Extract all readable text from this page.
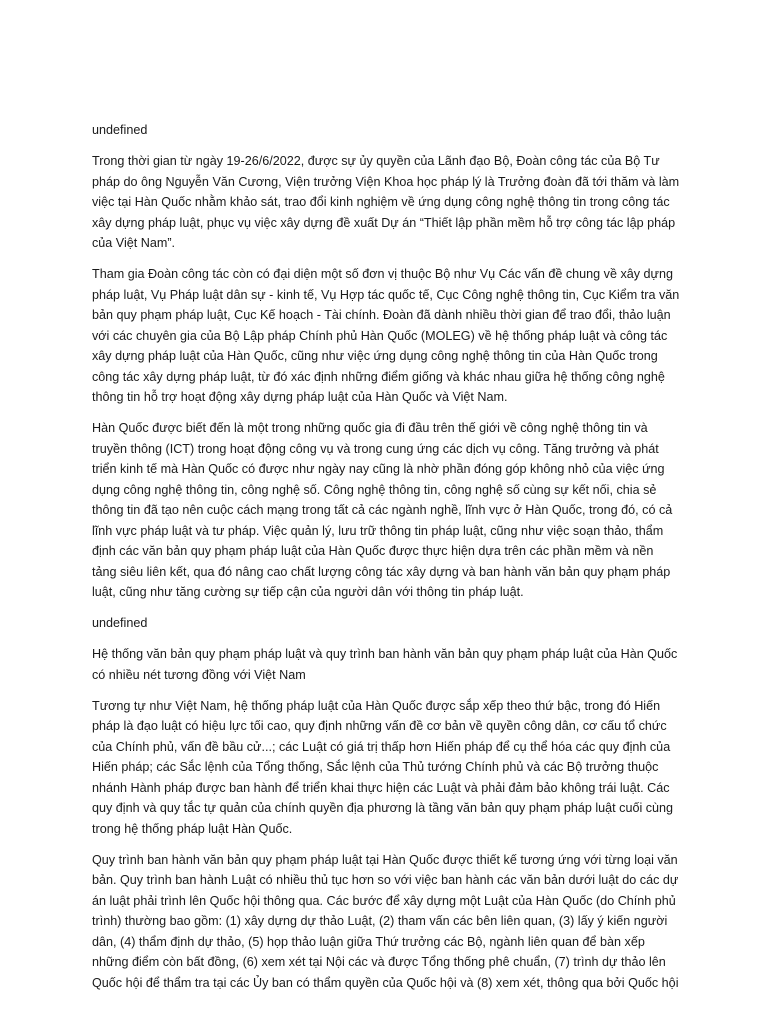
undefined

Trong thời gian từ ngày 19-26/6/2022, được sự ủy quyền của Lãnh đạo Bộ, Đoàn công tác của Bộ Tư pháp do ông Nguyễn Văn Cương, Viện trưởng Viện Khoa học pháp lý là Trưởng đoàn đã tới thăm và làm việc tại Hàn Quốc nhằm khảo sát, trao đổi kinh nghiệm về ứng dụng công nghệ thông tin trong công tác xây dựng pháp luật, phục vụ việc xây dựng đề xuất Dự án “Thiết lập phần mềm hỗ trợ công tác lập pháp của Việt Nam”.

Tham gia Đoàn công tác còn có đại diện một số đơn vị thuộc Bộ như Vụ Các vấn đề chung về xây dựng pháp luật, Vụ Pháp luật dân sự - kinh tế, Vụ Hợp tác quốc tế, Cục Công nghệ thông tin, Cục Kiểm tra văn bản quy phạm pháp luật, Cục Kế hoạch - Tài chính. Đoàn đã dành nhiều thời gian để trao đổi, thảo luận với các chuyên gia của Bộ Lập pháp Chính phủ Hàn Quốc (MOLEG) về hệ thống pháp luật và công tác xây dựng pháp luật của Hàn Quốc, cũng như việc ứng dụng công nghệ thông tin của Hàn Quốc trong công tác xây dựng pháp luật, từ đó xác định những điểm giống và khác nhau giữa hệ thống công nghệ thông tin hỗ trợ hoạt động xây dựng pháp luật của Hàn Quốc và Việt Nam.

Hàn Quốc được biết đến là một trong những quốc gia đi đầu trên thế giới về công nghệ thông tin và truyền thông (ICT) trong hoạt động công vụ và trong cung ứng các dịch vụ công. Tăng trưởng và phát triển kinh tế mà Hàn Quốc có được như ngày nay cũng là nhờ phần đóng góp không nhỏ của việc ứng dụng công nghệ thông tin, công nghệ số. Công nghệ thông tin, công nghệ số cùng sự kết nối, chia sẻ thông tin đã tạo nên cuộc cách mạng trong tất cả các ngành nghề, lĩnh vực ở Hàn Quốc, trong đó, có cả lĩnh vực pháp luật và tư pháp. Việc quản lý, lưu trữ thông tin pháp luật, cũng như việc soạn thảo, thẩm định các văn bản quy phạm pháp luật của Hàn Quốc được thực hiện dựa trên các phần mềm và nền tảng siêu liên kết, qua đó nâng cao chất lượng công tác xây dựng và ban hành văn bản quy phạm pháp luật, cũng như tăng cường sự tiếp cận của người dân với thông tin pháp luật.

undefined

Hệ thống văn bản quy phạm pháp luật và quy trình ban hành văn bản quy phạm pháp luật của Hàn Quốc có nhiều nét tương đồng với Việt Nam

Tương tự như Việt Nam, hệ thống pháp luật của Hàn Quốc được sắp xếp theo thứ bậc, trong đó Hiến pháp là đạo luật có hiệu lực tối cao, quy định những vấn đề cơ bản về quyền công dân, cơ cấu tổ chức của Chính phủ, vấn đề bầu cử...; các Luật có giá trị thấp hơn Hiến pháp để cụ thể hóa các quy định của Hiến pháp; các Sắc lệnh của Tổng thống, Sắc lệnh của Thủ tướng Chính phủ và các Bộ trưởng thuộc nhánh Hành pháp được ban hành để triển khai thực hiện các Luật và phải đảm bảo không trái luật. Các quy định và quy tắc tự quản của chính quyền địa phương là tầng văn bản quy phạm pháp luật cuối cùng trong hệ thống pháp luật Hàn Quốc.

Quy trình ban hành văn bản quy phạm pháp luật tại Hàn Quốc được thiết kế tương ứng với từng loại văn bản. Quy trình ban hành Luật có nhiều thủ tục hơn so với việc ban hành các văn bản dưới luật do các dự án luật phải trình lên Quốc hội thông qua. Các bước để xây dựng một Luật của Hàn Quốc (do Chính phủ trình) thường bao gồm: (1) xây dựng dự thảo Luật, (2) tham vấn các bên liên quan, (3) lấy ý kiến người dân, (4) thẩm định dự thảo, (5) họp thảo luận giữa Thứ trưởng các Bộ, ngành liên quan để bàn xếp những điểm còn bất đồng, (6) xem xét tại Nội các và được Tổng thống phê chuẩn, (7) trình dự thảo lên Quốc hội để thẩm tra tại các Ủy ban có thẩm quyền của Quốc hội và (8) xem xét, thông qua bởi Quốc hội
